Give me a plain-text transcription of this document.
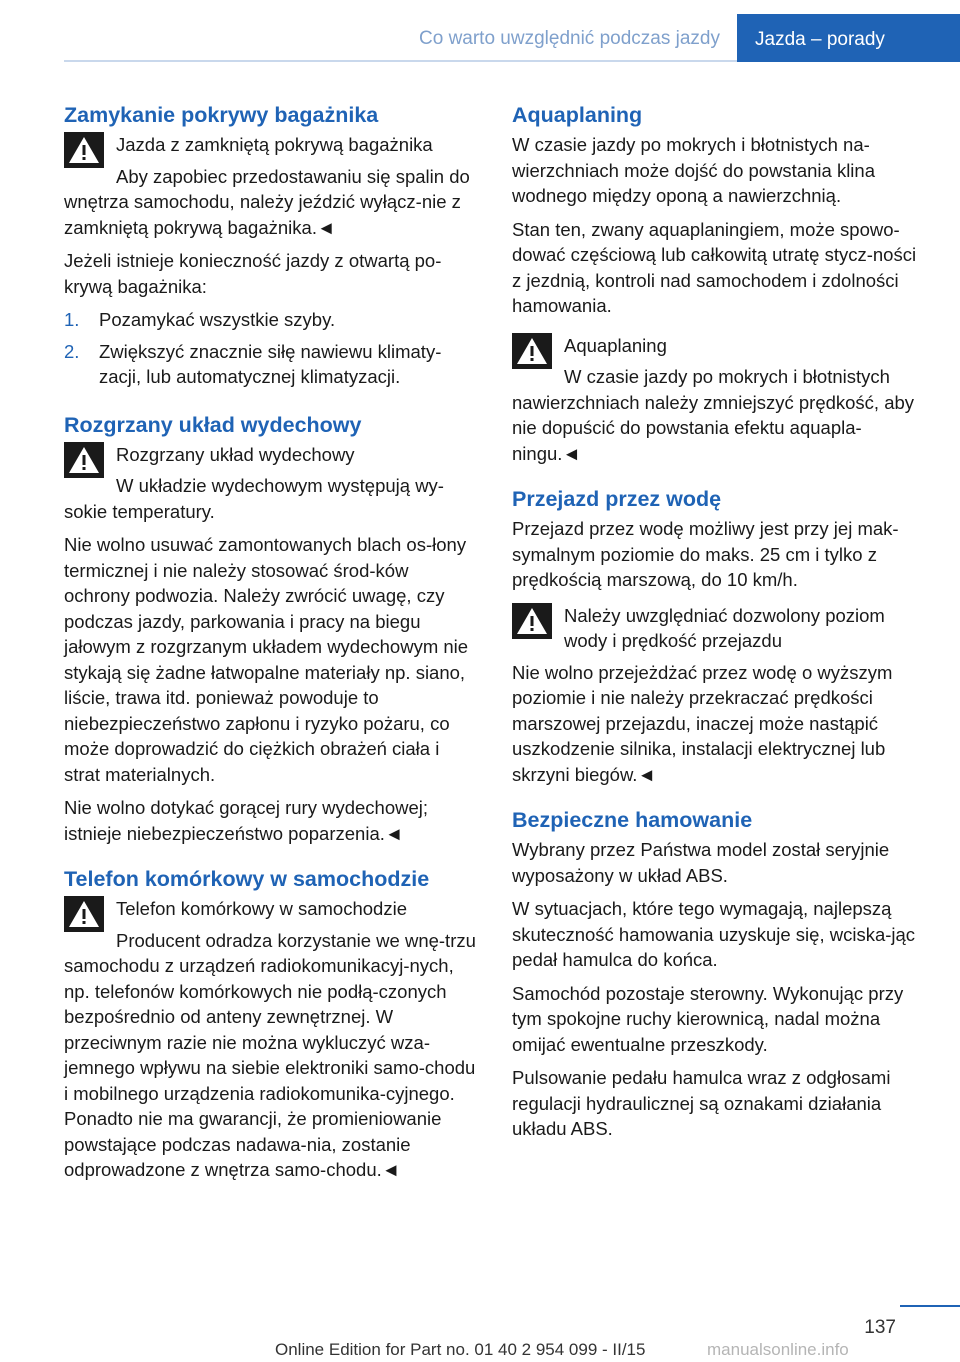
Co warto uwzględnić podczas jazdy	Jazda – porady
Zamykanie pokrywy bagażnika

Jazda z zamkniętą pokrywą bagażnika

Aby zapobiec przedostawaniu się spalin do wnętrza samochodu, należy jeździć wyłącz-nie z zamkniętą pokrywą bagażnika.◄

Jeżeli istnieje konieczność jazdy z otwartą po-krywą bagażnika:

1. Pozamykać wszystkie szyby.
2. Zwiększyć znacznie siłę nawiewu klimaty-zacji, lub automatycznej klimatyzacji.
Rozgrzany układ wydechowy

Rozgrzany układ wydechowy

W układzie wydechowym występują wy-sokie temperatury.

Nie wolno usuwać zamontowanych blach os-łony termicznej i nie należy stosować środ-ków ochrony podwozia. Należy zwrócić uwagę, czy podczas jazdy, parkowania i pracy na biegu jałowym z rozgrzanym układem wydechowym nie stykają się żadne łatwopalne materiały np. siano, liście, trawa itd. ponieważ powoduje to niebezpieczeństwo zapłonu i ryzyko pożaru, co może doprowadzić do ciężkich obrażeń ciała i strat materialnych.

Nie wolno dotykać gorącej rury wydechowej; istnieje niebezpieczeństwo poparzenia.◄

Telefon komórkowy w samochodzie

Telefon komórkowy w samochodzie

Producent odradza korzystanie we wnę-trzu samochodu z urządzeń radiokomunikacyj-nych, np. telefonów komórkowych nie podłą-czonych bezpośrednio od anteny zewnętrznej. W przeciwnym razie nie można wykluczyć wza-jemnego wpływu na siebie elektroniki samo-chodu i mobilnego urządzenia radiokomunika-cyjnego. Ponadto nie ma gwarancji, że promieniowanie powstające podczas nadawa-nia, zostanie odprowadzone z wnętrza samo-chodu.◄

Aquaplaning

W czasie jazdy po mokrych i błotnistych na-wierzchniach może dojść do powstania klina wodnego między oponą a nawierzchnią.

Stan ten, zwany aquaplaningiem, może spowo-dować częściową lub całkowitą utratę stycz-ności z jezdnią, kontroli nad samochodem i zdolności hamowania.

Aquaplaning

W czasie jazdy po mokrych i błotnistych nawierzchniach należy zmniejszyć prędkość, aby nie dopuścić do powstania efektu aquapla-ningu.◄

Przejazd przez wodę

Przejazd przez wodę możliwy jest przy jej mak-symalnym poziomie do maks. 25 cm i tylko z prędkością marszową, do 10 km/h.

Należy uwzględniać dozwolony poziom wody i prędkość przejazdu

Nie wolno przejeżdżać przez wodę o wyższym poziomie i nie należy przekraczać prędkości marszowej przejazdu, inaczej może nastąpić uszkodzenie silnika, instalacji elektrycznej lub skrzyni biegów.◄

Bezpieczne hamowanie

Wybrany przez Państwa model został seryjnie wyposażony w układ ABS.

W sytuacjach, które tego wymagają, najlepszą skuteczność hamowania uzyskuje się, wciska-jąc pedał hamulca do końca.

Samochód pozostaje sterowny. Wykonując przy tym spokojne ruchy kierownicą, nadal można omijać ewentualne przeszkody.

Pulsowanie pedału hamulca wraz z odgłosami regulacji hydraulicznej są oznakami działania układu ABS.

137
Online Edition for Part no. 01 40 2 954 099 - II/15	manualsonline.info
